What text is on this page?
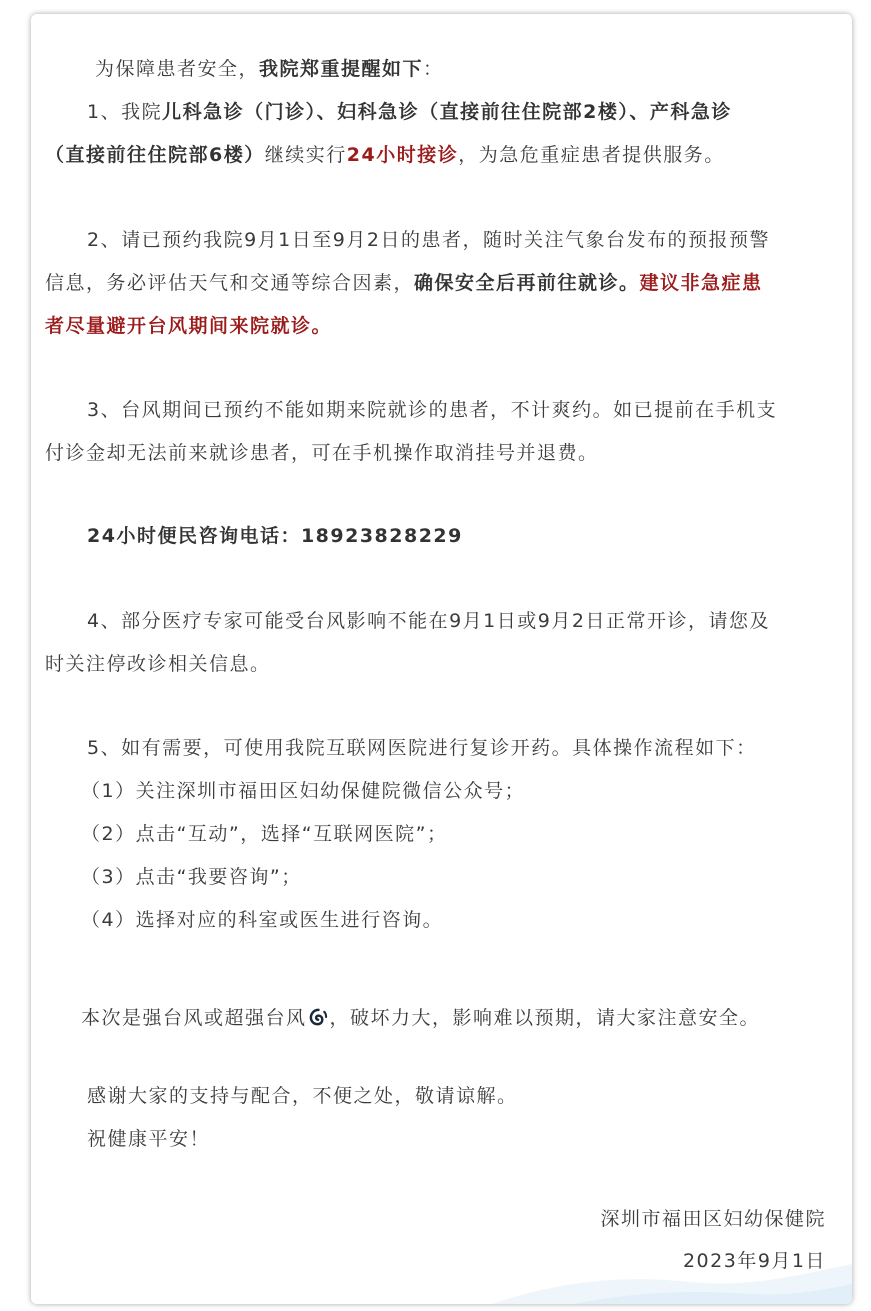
为保障患者安全，我院郑重提醒如下：
1、我院儿科急诊（门诊）、妇科急诊（直接前往住院部2楼）、产科急诊
（直接前往住院部6楼）继续实行24小时接诊，为急危重症患者提供服务。
2、请已预约我院9月1日至9月2日的患者，随时关注气象台发布的预报预警
信息，务必评估天气和交通等综合因素，确保安全后再前往就诊。建议非急症患
者尽量避开台风期间来院就诊。
3、台风期间已预约不能如期来院就诊的患者，不计爽约。如已提前在手机支
付诊金却无法前来就诊患者，可在手机操作取消挂号并退费。
24小时便民咨询电话：18923828229
4、部分医疗专家可能受台风影响不能在9月1日或9月2日正常开诊，请您及
时关注停改诊相关信息。
5、如有需要，可使用我院互联网医院进行复诊开药。具体操作流程如下：
（1）关注深圳市福田区妇幼保健院微信公众号；
（2）点击“互动”，选择“互联网医院”；
（3）点击“我要咨询”；
（4）选择对应的科室或医生进行咨询。
本次是强台风或超强台风 ，破坏力大，影响难以预期，请大家注意安全。
感谢大家的支持与配合，不便之处，敬请谅解。
祝健康平安！
深圳市福田区妇幼保健院
2023年9月1日
